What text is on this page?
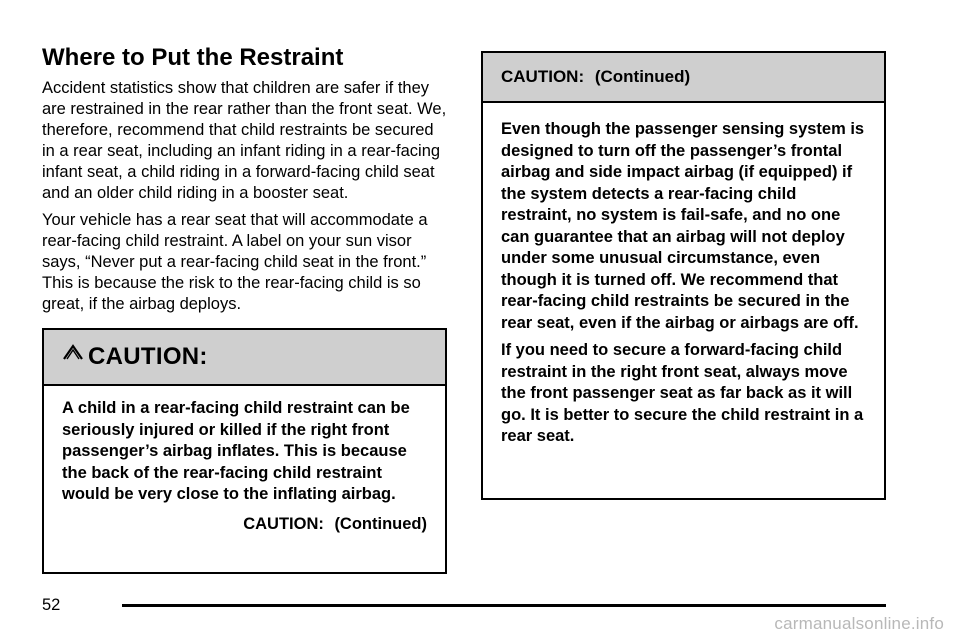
Where to Put the Restraint

Accident statistics show that children are safer if they are restrained in the rear rather than the front seat. We, therefore, recommend that child restraints be secured in a rear seat, including an infant riding in a rear-facing infant seat, a child riding in a forward-facing child seat and an older child riding in a booster seat.

Your vehicle has a rear seat that will accommodate a rear-facing child restraint. A label on your sun visor says, “Never put a rear-facing child seat in the front.” This is because the risk to the rear-facing child is so great, if the airbag deploys.

CAUTION:

A child in a rear-facing child restraint can be seriously injured or killed if the right front passenger’s airbag inflates. This is because the back of the rear-facing child restraint would be very close to the inflating airbag.

CAUTION: (Continued)
CAUTION: (Continued)

Even though the passenger sensing system is designed to turn off the passenger’s frontal airbag and side impact airbag (if equipped) if the system detects a rear-facing child restraint, no system is fail-safe, and no one can guarantee that an airbag will not deploy under some unusual circumstance, even though it is turned off. We recommend that rear-facing child restraints be secured in the rear seat, even if the airbag or airbags are off.

If you need to secure a forward-facing child restraint in the right front seat, always move the front passenger seat as far back as it will go. It is better to secure the child restraint in a rear seat.

52
carmanualsonline.info
